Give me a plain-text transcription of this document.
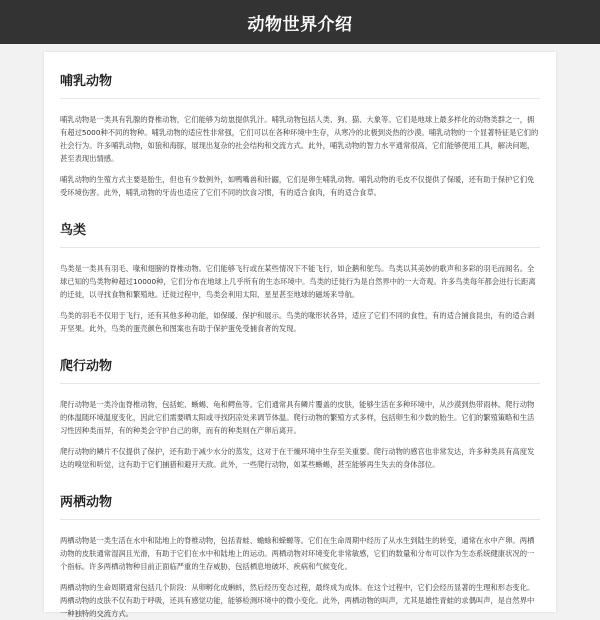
动物世界介绍
哺乳动物

哺乳动物是一类具有乳腺的脊椎动物，它们能够为幼崽提供乳汁。哺乳动物包括人类、狗、猫、大象等。它们是地球上最多样化的动物类群之一，拥有超过5000种不同的物种。哺乳动物的适应性非常强，它们可以在各种环境中生存，从寒冷的北极到炎热的沙漠。哺乳动物的一个显著特征是它们的社会行为。许多哺乳动物，如狼和海豚，展现出复杂的社会结构和交流方式。此外，哺乳动物的智力水平通常很高，它们能够使用工具，解决问题，甚至表现出情感。

哺乳动物的生殖方式主要是胎生，但也有少数例外，如鸭嘴兽和针鼹，它们是卵生哺乳动物。哺乳动物的毛皮不仅提供了保暖，还有助于保护它们免受环境伤害。此外，哺乳动物的牙齿也适应了它们不同的饮食习惯，有的适合食肉，有的适合食草。

鸟类

鸟类是一类具有羽毛、喙和翅膀的脊椎动物。它们能够飞行或在某些情况下不能飞行，如企鹅和鸵鸟。鸟类以其美妙的歌声和多彩的羽毛而闻名。全球已知的鸟类物种超过10000种，它们分布在地球上几乎所有的生态环境中。鸟类的迁徙行为是自然界中的一大奇观。许多鸟类每年都会进行长距离的迁徙，以寻找食物和繁殖地。迁徙过程中，鸟类会利用太阳、星星甚至地球的磁场来导航。

鸟类的羽毛不仅用于飞行，还有其他多种功能，如保暖、保护和展示。鸟类的喙形状各异，适应了它们不同的食性，有的适合捕食昆虫，有的适合剥开坚果。此外，鸟类的蛋壳颜色和图案也有助于保护蛋免受捕食者的发现。

爬行动物

爬行动物是一类冷血脊椎动物，包括蛇、蜥蜴、龟和鳄鱼等。它们通常具有鳞片覆盖的皮肤，能够生活在多种环境中，从沙漠到热带雨林。爬行动物的体温随环境温度变化，因此它们需要晒太阳或寻找阴凉处来调节体温。爬行动物的繁殖方式多样，包括卵生和少数的胎生。它们的繁殖策略和生活习性因种类而异，有的种类会守护自己的卵，而有的种类则在产卵后离开。

爬行动物的鳞片不仅提供了保护，还有助于减少水分的蒸发，这对于在干燥环境中生存至关重要。爬行动物的感官也非常发达，许多种类具有高度发达的嗅觉和听觉，这有助于它们捕猎和避开天敌。此外，一些爬行动物，如某些蜥蜴，甚至能够再生失去的身体部位。

两栖动物

两栖动物是一类生活在水中和陆地上的脊椎动物，包括青蛙、蟾蜍和蝾螈等。它们在生命周期中经历了从水生到陆生的转变，通常在水中产卵。两栖动物的皮肤通常湿润且光滑，有助于它们在水中和陆地上的运动。两栖动物对环境变化非常敏感，它们的数量和分布可以作为生态系统健康状况的一个指标。许多两栖动物种目前正面临严重的生存威胁，包括栖息地破坏、疾病和气候变化。

两栖动物的生命周期通常包括几个阶段：从卵孵化成蝌蚪，然后经历变态过程，最终成为成体。在这个过程中，它们会经历显著的生理和形态变化。两栖动物的皮肤不仅有助于呼吸，还具有感觉功能，能够检测环境中的微小变化。此外，两栖动物的叫声，尤其是雄性青蛙的求偶叫声，是自然界中一种独特的交流方式。
